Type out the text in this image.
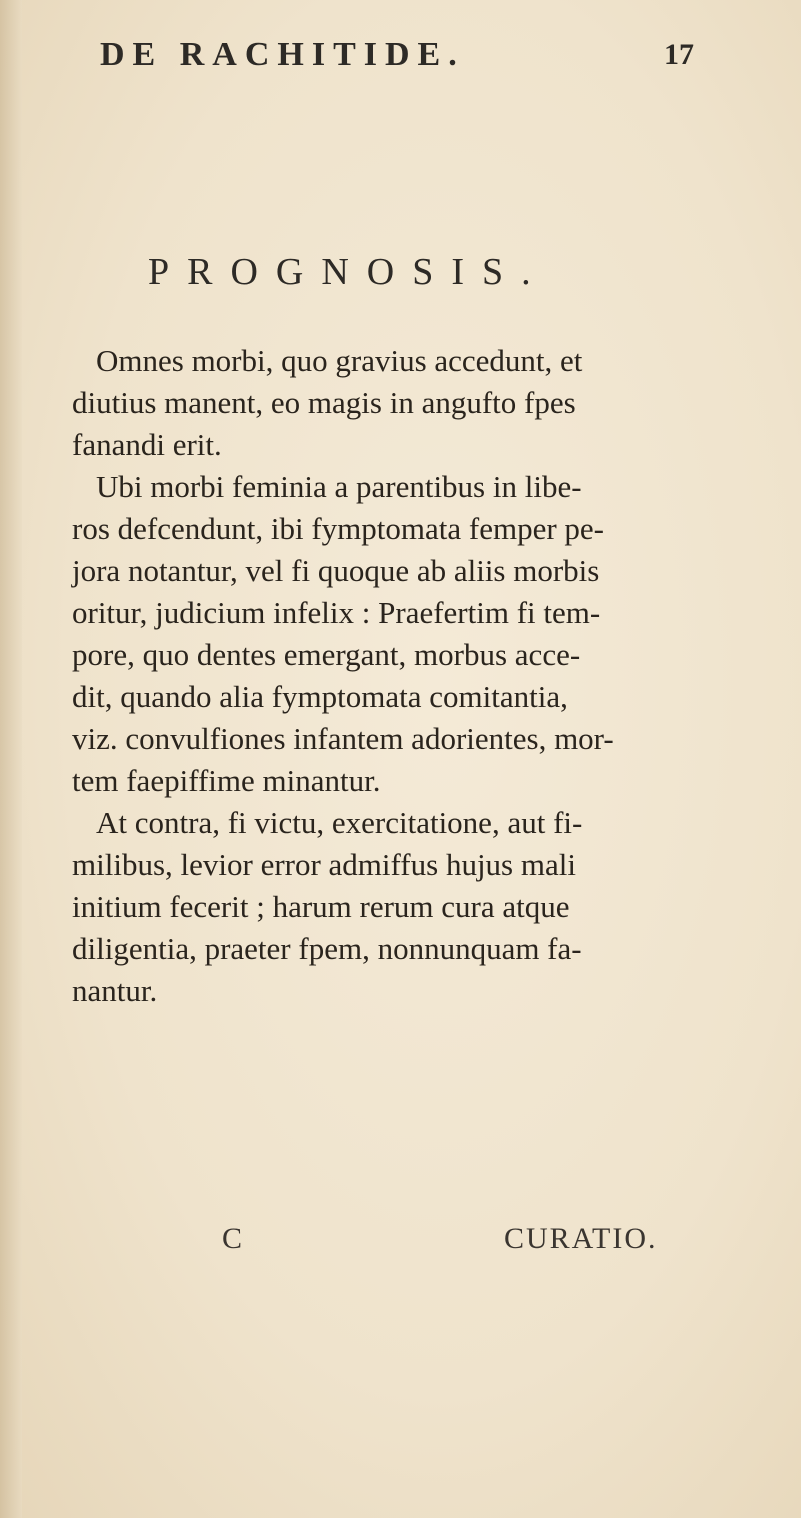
DE RACHITIDE.	17
PROGNOSIS.

Omnes morbi, quo gravius accedunt, et
diutius manent, eo magis in angufto fpes
fanandi erit.

Ubi morbi feminia a parentibus in libe-
ros defcendunt, ibi fymptomata femper pe-
jora notantur, vel fi quoque ab aliis morbis
oritur, judicium infelix : Praefertim fi tem-
pore, quo dentes emergant, morbus acce-
dit, quando alia fymptomata comitantia,
viz. convulfiones infantem adorientes, mor-
tem faepiffime minantur.

At contra, fi victu, exercitatione, aut fi-
milibus, levior error admiffus hujus mali
initium fecerit ; harum rerum cura atque
diligentia, praeter fpem, nonnunquam fa-
nantur.

C	CURATIO.
